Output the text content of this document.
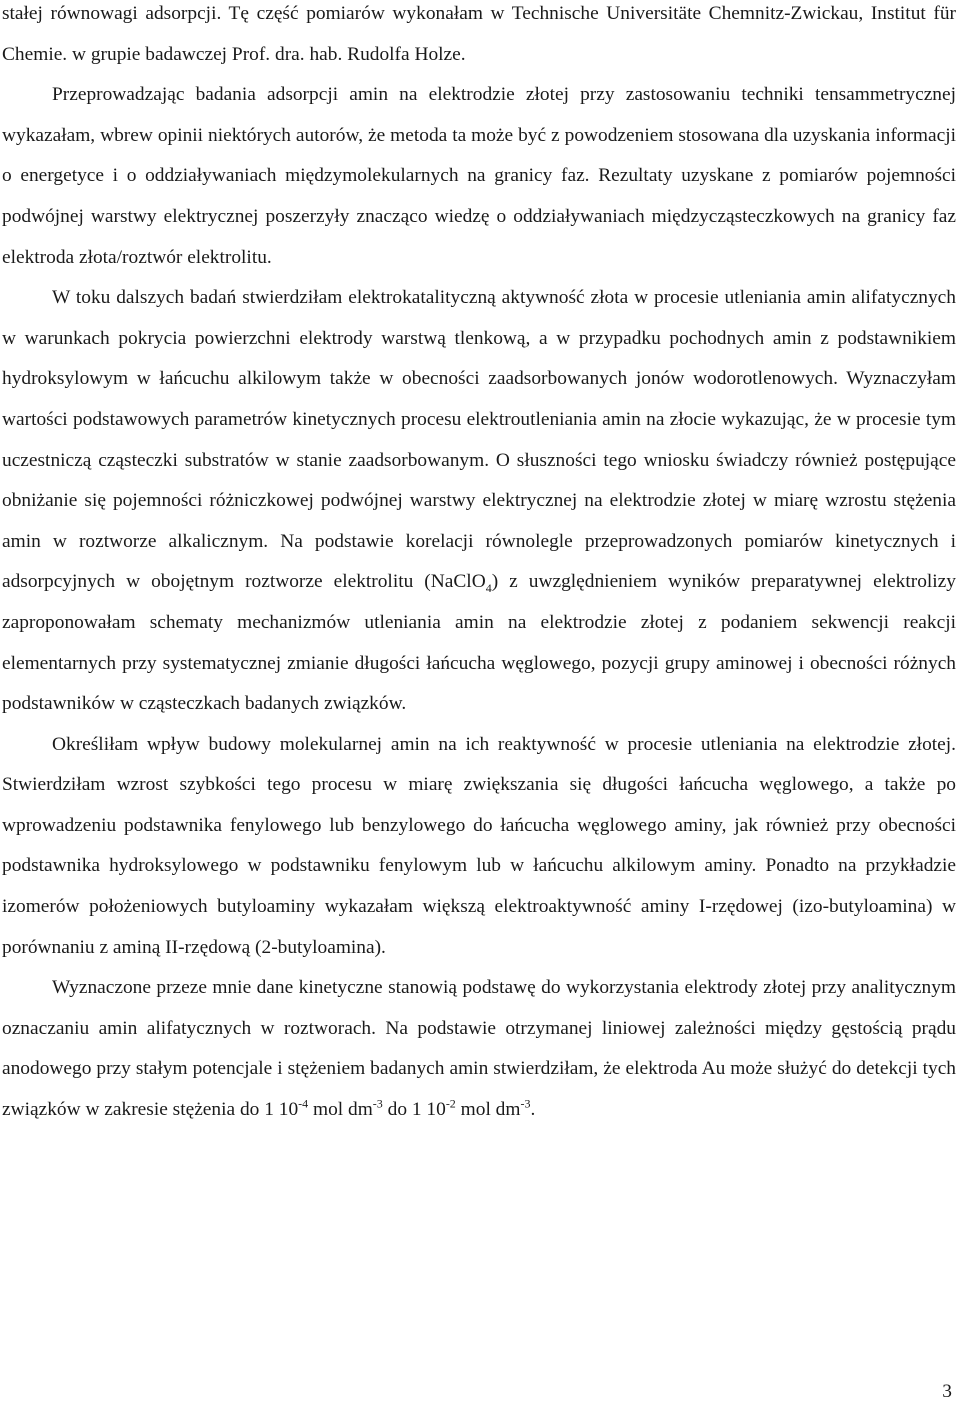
stałej równowagi adsorpcji. Tę część pomiarów wykonałam w Technische Universitäte Chemnitz-Zwickau, Institut für Chemie. w grupie badawczej Prof. dra. hab. Rudolfa Holze.

Przeprowadzając badania adsorpcji amin na elektrodzie złotej przy zastosowaniu techniki tensammetrycznej wykazałam, wbrew opinii niektórych autorów, że metoda ta może być z powodzeniem stosowana dla uzyskania informacji o energetyce i o oddziaływaniach międzymolekularnych na granicy faz. Rezultaty uzyskane z pomiarów pojemności podwójnej warstwy elektrycznej poszerzyły znacząco wiedzę o oddziaływaniach międzycząsteczkowych na granicy faz elektroda złota/roztwór elektrolitu.

W toku dalszych badań stwierdziłam elektrokatalityczną aktywność złota w procesie utleniania amin alifatycznych w warunkach pokrycia powierzchni elektrody warstwą tlenkową, a w przypadku pochodnych amin z podstawnikiem hydroksylowym w łańcuchu alkilowym także w obecności zaadsorbowanych jonów wodorotlenowych. Wyznaczyłam wartości podstawowych parametrów kinetycznych procesu elektroutleniania amin na złocie wykazując, że w procesie tym uczestniczą cząsteczki substratów w stanie zaadsorbowanym. O słuszności tego wniosku świadczy również postępujące obniżanie się pojemności różniczkowej podwójnej warstwy elektrycznej na elektrodzie złotej w miarę wzrostu stężenia amin w roztworze alkalicznym. Na podstawie korelacji równolegle przeprowadzonych pomiarów kinetycznych i adsorpcyjnych w obojętnym roztworze elektrolitu (NaClO$_4$) z uwzględnieniem wyników preparatywnej elektrolizy zaproponowałam schematy mechanizmów utleniania amin na elektrodzie złotej z podaniem sekwencji reakcji elementarnych przy systematycznej zmianie długości łańcucha węglowego, pozycji grupy aminowej i obecności różnych podstawników w cząsteczkach badanych związków.

Określiłam wpływ budowy molekularnej amin na ich reaktywność w procesie utleniania na elektrodzie złotej. Stwierdziłam wzrost szybkości tego procesu w miarę zwiększania się długości łańcucha węglowego, a także po wprowadzeniu podstawnika fenylowego lub benzylowego do łańcucha węglowego aminy, jak również przy obecności podstawnika hydroksylowego w podstawniku fenylowym lub w łańcuchu alkilowym aminy. Ponadto na przykładzie izomerów położeniowych butyloaminy wykazałam większą elektroaktywność aminy I-rzędowej (izo-butyloamina) w porównaniu z aminą II-rzędową (2-butyloamina).

Wyznaczone przeze mnie dane kinetyczne stanowią podstawę do wykorzystania elektrody złotej przy analitycznym oznaczaniu amin alifatycznych w roztworach. Na podstawie otrzymanej liniowej zależności między gęstością prądu anodowego przy stałym potencjale i stężeniem badanych amin stwierdziłam, że elektroda Au może służyć do detekcji tych związków w zakresie stężenia do 1 $10^{-4}$ mol $dm^{-3}$ do 1 $10^{-2}$ mol $dm^{-3}$.

3
